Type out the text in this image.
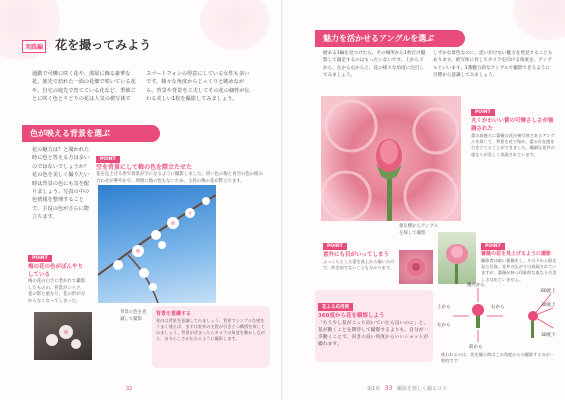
実践編 花を撮ってみよう
通勤で可憐に咲く花や、部屋に飾る豪華な花、旅先で訪れた一面の花畑で咲いている花や、自宅の庭先で育てている花など、季節ごとに咲く色とりどりの花は人気の被写体で
スマートフォンの得意にしている女性も多いです。様々な角度からじっくりと眺めながら、背景や背景を工夫してその花の個性が伝わる美しい1枚を撮影してみましょう。
色が映える背景を選ぶ
花の魅力は？と聞かれた時に色と答える方は多いのではないでしょうか？ 花の色を美しく撮りたい時は背景の色にも気を配りましょう。写真の中の色情報を整理することで、主役の色がさらに際立ちます。
POINT
空を背景にして梅の色を際立たせた
花を見上げる形で背景が空になるように撮影しました。淡い色の梅と青空の色の組み合わせが華やかで、周囲に他の色もないため、主役の梅の花が際立ちます。
背景の色を意識して撮影
POINT
梅の花の色がぼんやりしている
梅の花の白さに惹かれて撮影したものの、背景がシック、花の影と重なり、花の形が分からなくなってしまった。
背景を意識する
室内は背景を意識してみましょう。背景でシンプルな壁をうまく使えば、まずは室外の主役が引き立つ構図を探してみましょう。背景が決まったらカメラの角度を動かしながら、自分らしさが伝わるように撮影します。
32
魅力を活かせるアングルを選ぶ
歴ある1輪を見つけたら、その場所から1枚だけ撮影して満足するのはもったいないです。上から下から、左から右からと、花の様々な角度に注目してみましょう。
しずかな景色なのに、思いがけない魅力を発見することもあります。被写体に対してカメラを向ける角度を、アングルといいます。1番魅力的なアングルで撮影できるように目標から意識してみましょう。
POINT
丸くかわいい蕾の可憐さしさが強調された
蕾の真後ろに薔薇の花が被写体であるアングルを探して、背景を花で埋め、蕾の存在感を引き立てることができました。繊細な花弁の重なりが美しく表現されています。
POINT
意外にも目がいってしまう
ふっくらとした蕾を真上から覗いたので、咲き頃でないことも分かります。
蕾を横からアングルを探して撮影
POINT
薔薇の花を見上げるように撮影
撮影者は暗い薔薇をし、その下から仰ぎ見た写真。花弁の広がりは表現されていますが、薔薇が持つ印象的な重なりの美しさは出ていません。
花よる応用例
360度から花を観察しよう
「もう少し花がこっち向いていたら良いのに」と、花が動くことを期待して撮影するよりも、自分が一歩動くことで、向きの良い角度からいいショットが撮れます。
後ろから
上から	右から
左から
前から
60度上
30度上
30度下
使われるのは、花を撮る時はこの角度からの撮影するのが一般的です
第1章 33 撮影を楽しく撮るコツ
